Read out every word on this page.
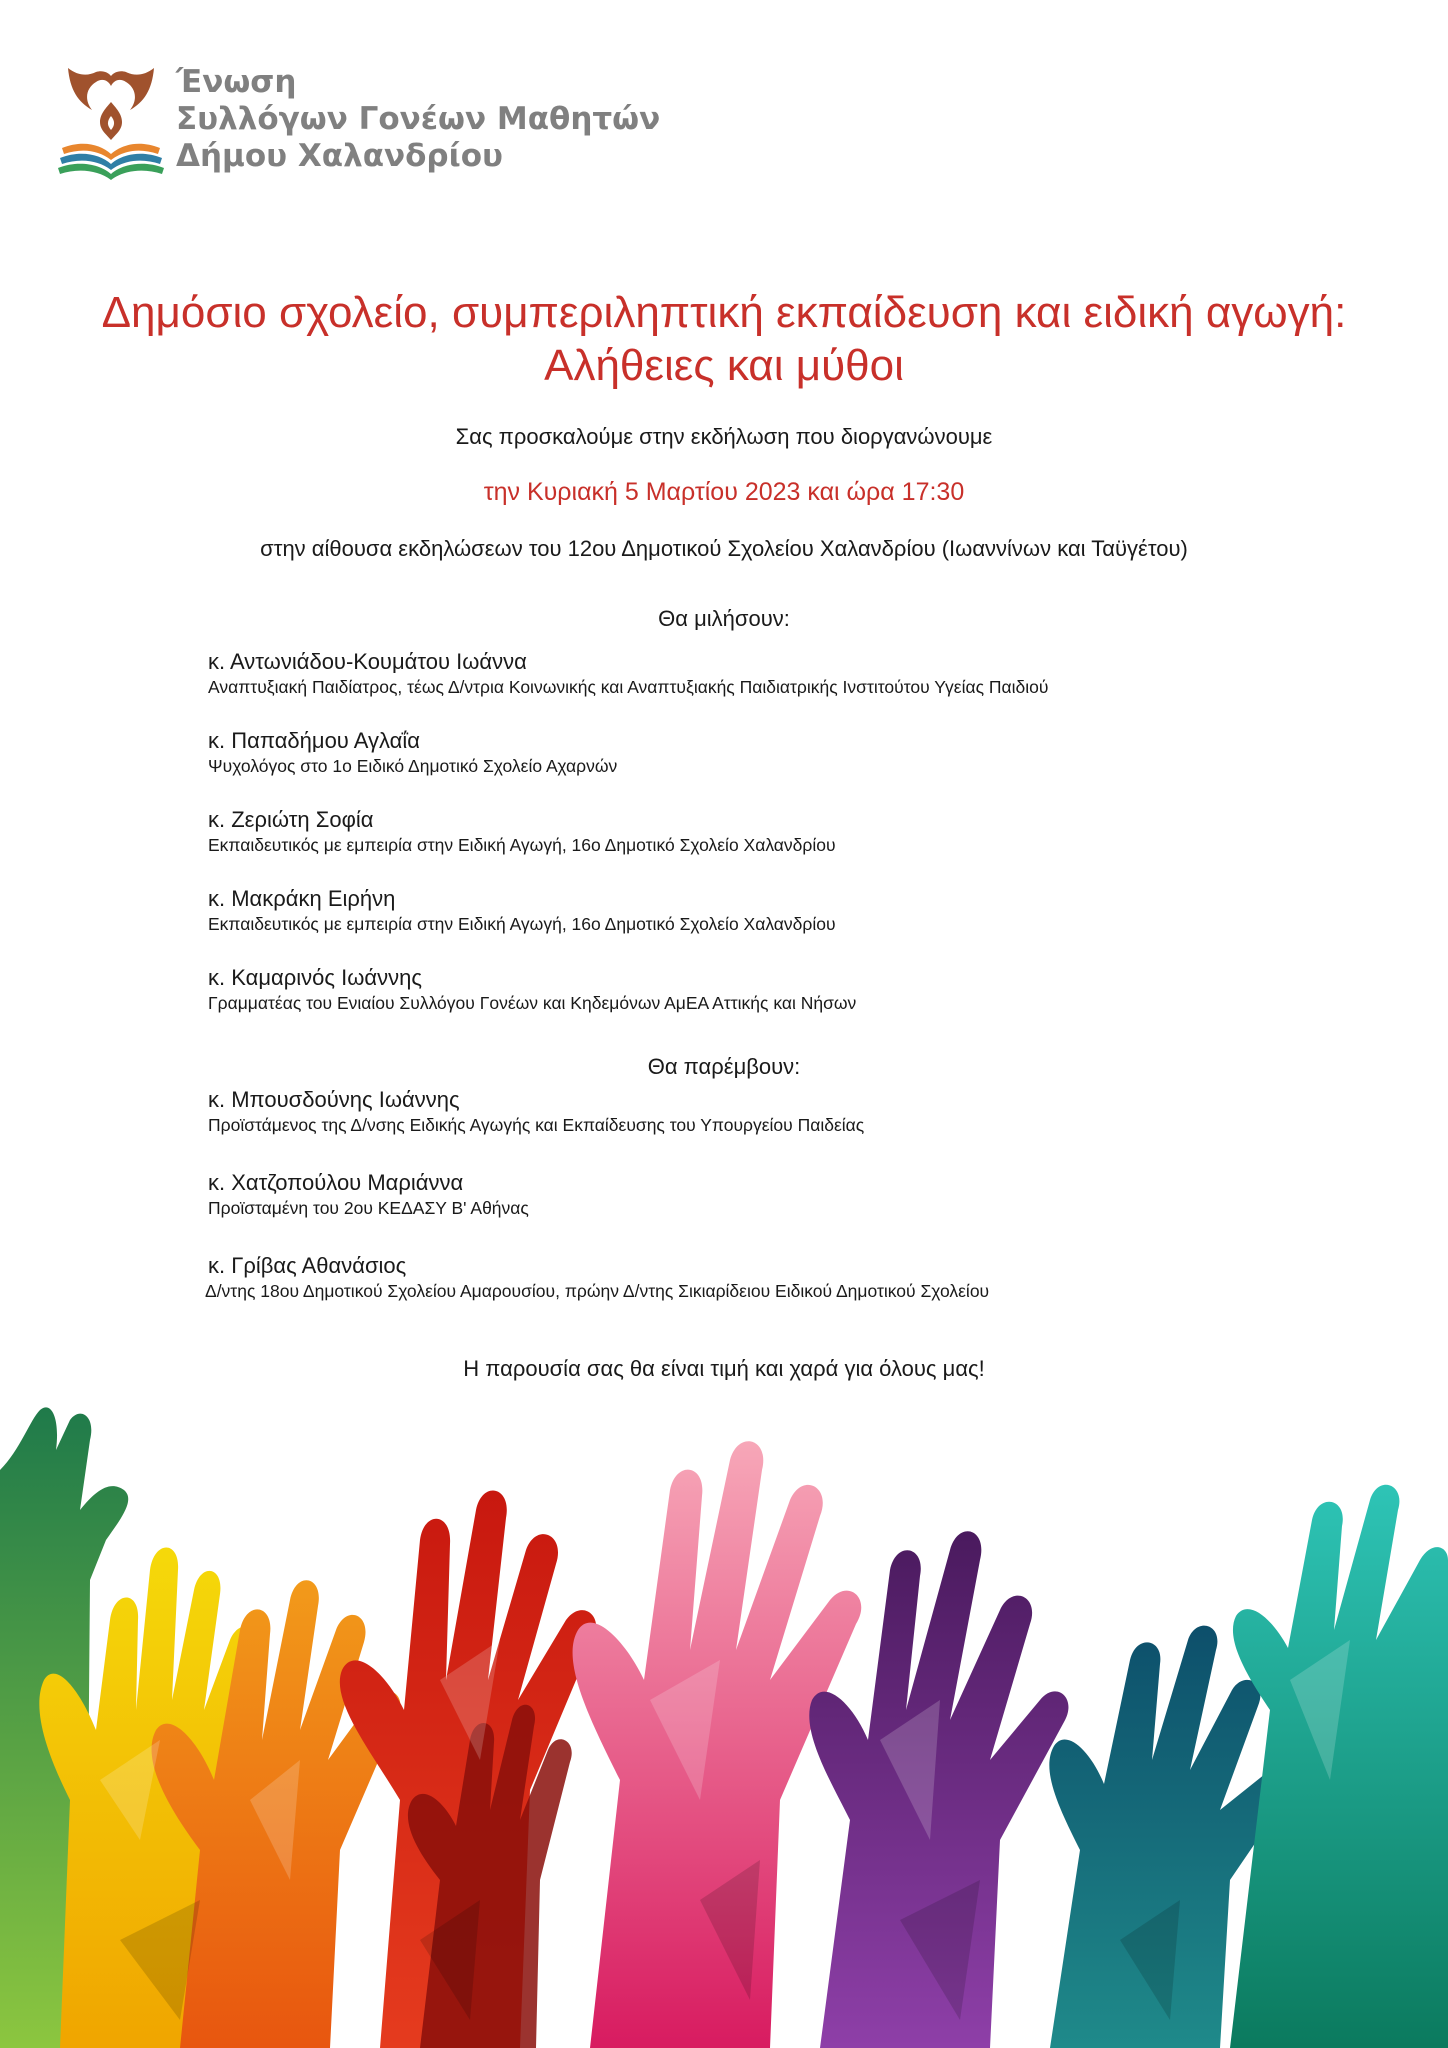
Ένωση
Συλλόγων Γονέων Μαθητών
Δήμου Χαλανδρίου
Δημόσιο σχολείο, συμπεριληπτική εκπαίδευση και ειδική αγωγή:
Αλήθειες και μύθοι
Σας προσκαλούμε στην εκδήλωση που διοργανώνουμε
την Κυριακή 5 Μαρτίου 2023 και ώρα 17:30
στην αίθουσα εκδηλώσεων του 12ου Δημοτικού Σχολείου Χαλανδρίου (Ιωαννίνων και Ταϋγέτου)
Θα μιλήσουν:
κ. Αντωνιάδου-Κουμάτου Ιωάννα
Αναπτυξιακή Παιδίατρος, τέως Δ/ντρια Κοινωνικής και Αναπτυξιακής Παιδιατρικής Ινστιτούτου Υγείας Παιδιού
κ. Παπαδήμου Αγλαΐα
Ψυχολόγος στο 1ο Ειδικό Δημοτικό Σχολείο Αχαρνών
κ. Ζεριώτη Σοφία
Εκπαιδευτικός με εμπειρία στην Ειδική Αγωγή, 16ο Δημοτικό Σχολείο Χαλανδρίου
κ. Μακράκη Ειρήνη
Εκπαιδευτικός με εμπειρία στην Ειδική Αγωγή, 16ο Δημοτικό Σχολείο Χαλανδρίου
κ. Καμαρινός Ιωάννης
Γραμματέας του Ενιαίου Συλλόγου Γονέων και Κηδεμόνων ΑμΕΑ Αττικής και Νήσων
Θα παρέμβουν:
κ. Μπουσδούνης Ιωάννης
Προϊστάμενος της Δ/νσης Ειδικής Αγωγής και Εκπαίδευσης του Υπουργείου Παιδείας
κ. Χατζοπούλου Μαριάννα
Προϊσταμένη του 2ου ΚΕΔΑΣΥ Β' Αθήνας
κ. Γρίβας Αθανάσιος
Δ/ντης 18ου Δημοτικού Σχολείου Αμαρουσίου, πρώην Δ/ντης Σικιαρίδειου Ειδικού Δημοτικού Σχολείου
Η παρουσία σας θα είναι τιμή και χαρά για όλους μας!
